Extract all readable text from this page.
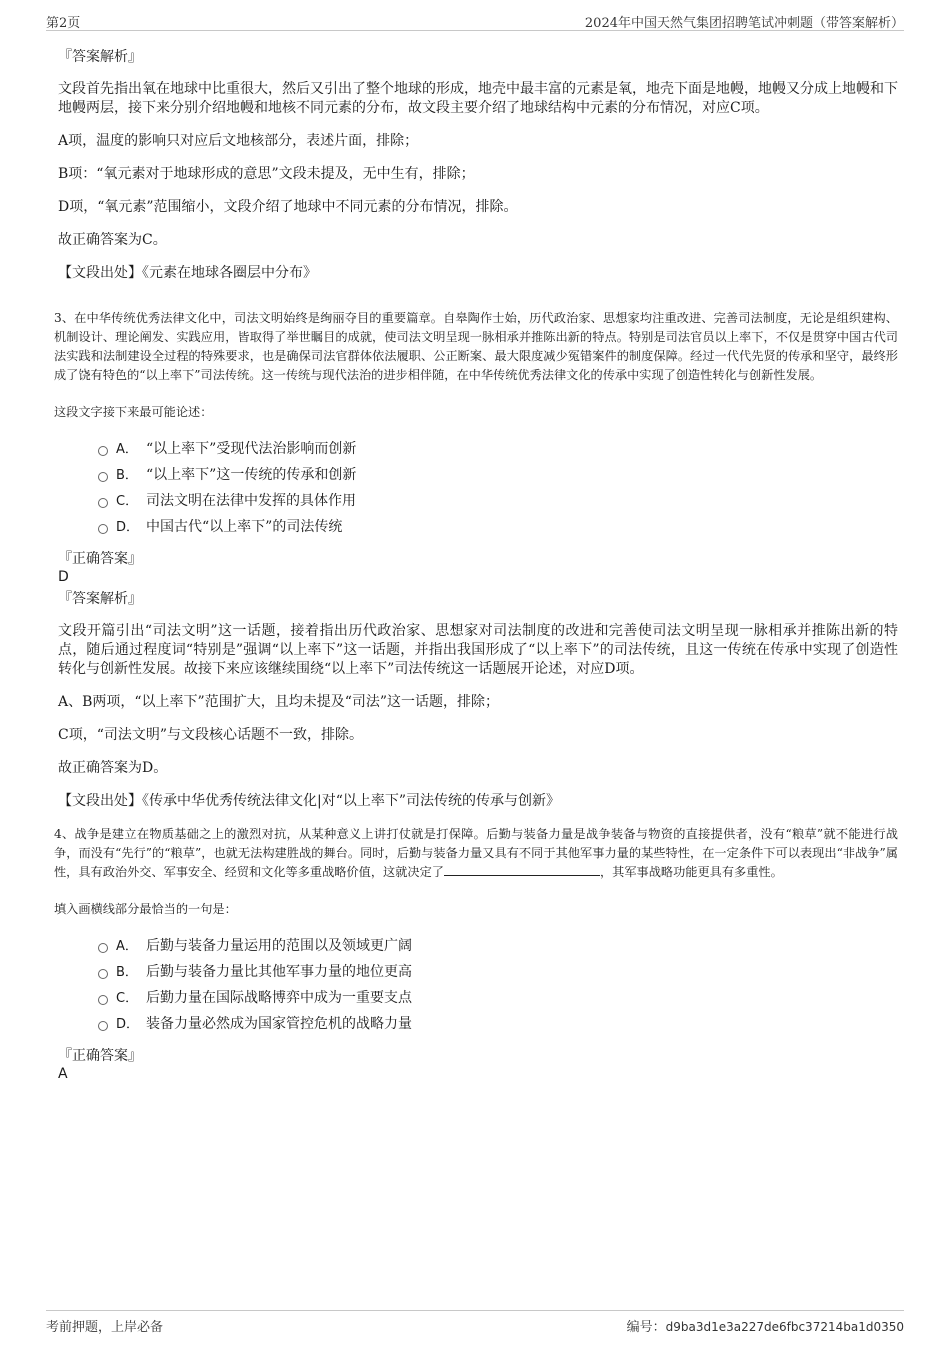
第2页	2024年中国天然气集团招聘笔试冲刺题（带答案解析）

『答案解析』

文段首先指出氧在地球中比重很大，然后又引出了整个地球的形成，地壳中最丰富的元素是氧，地壳下面是地幔，地幔又分成上地幔和下地幔两层，接下来分别介绍地幔和地核不同元素的分布，故文段主要介绍了地球结构中元素的分布情况，对应C项。

A项，温度的影响只对应后文地核部分，表述片面，排除；

B项：“氧元素对于地球形成的意思”文段未提及，无中生有，排除；

D项，“氧元素”范围缩小，文段介绍了地球中不同元素的分布情况，排除。

故正确答案为C。

【文段出处】《元素在地球各圈层中分布》

3、在中华传统优秀法律文化中，司法文明始终是绚丽夺目的重要篇章。自皋陶作士始，历代政治家、思想家均注重改进、完善司法制度，无论是组织建构、机制设计、理论阐发、实践应用，皆取得了举世瞩目的成就，使司法文明呈现一脉相承并推陈出新的特点。特别是司法官员以上率下，不仅是贯穿中国古代司法实践和法制建设全过程的特殊要求，也是确保司法官群体依法履职、公正断案、最大限度减少冤错案件的制度保障。经过一代代先贤的传承和坚守，最终形成了饶有特色的“以上率下”司法传统。这一传统与现代法治的进步相伴随，在中华传统优秀法律文化的传承中实现了创造性转化与创新性发展。

这段文字接下来最可能论述：

A． “以上率下”受现代法治影响而创新
B． “以上率下”这一传统的传承和创新
C． 司法文明在法律中发挥的具体作用
D． 中国古代“以上率下”的司法传统

『正确答案』

D

『答案解析』

文段开篇引出“司法文明”这一话题，接着指出历代政治家、思想家对司法制度的改进和完善使司法文明呈现一脉相承并推陈出新的特点，随后通过程度词“特别是”强调“以上率下”这一话题，并指出我国形成了“以上率下”的司法传统，且这一传统在传承中实现了创造性转化与创新性发展。故接下来应该继续围绕“以上率下”司法传统这一话题展开论述，对应D项。

A、B两项，“以上率下”范围扩大，且均未提及“司法”这一话题，排除；

C项，“司法文明”与文段核心话题不一致，排除。

故正确答案为D。

【文段出处】《传承中华优秀传统法律文化|对“以上率下”司法传统的传承与创新》

4、战争是建立在物质基础之上的激烈对抗，从某种意义上讲打仗就是打保障。后勤与装备力量是战争装备与物资的直接提供者，没有“粮草”就不能进行战争，而没有“先行”的“粮草”，也就无法构建胜战的舞台。同时，后勤与装备力量又具有不同于其他军事力量的某些特性，在一定条件下可以表现出“非战争”属性，具有政治外交、军事安全、经贸和文化等多重战略价值，这就决定了	，其军事战略功能更具有多重性。

填入画横线部分最恰当的一句是：

A． 后勤与装备力量运用的范围以及领域更广阔
B． 后勤与装备力量比其他军事力量的地位更高
C． 后勤力量在国际战略博弈中成为一重要支点
D． 装备力量必然成为国家管控危机的战略力量

『正确答案』

A

考前押题，上岸必备	编号：d9ba3d1e3a227de6fbc37214ba1d0350
